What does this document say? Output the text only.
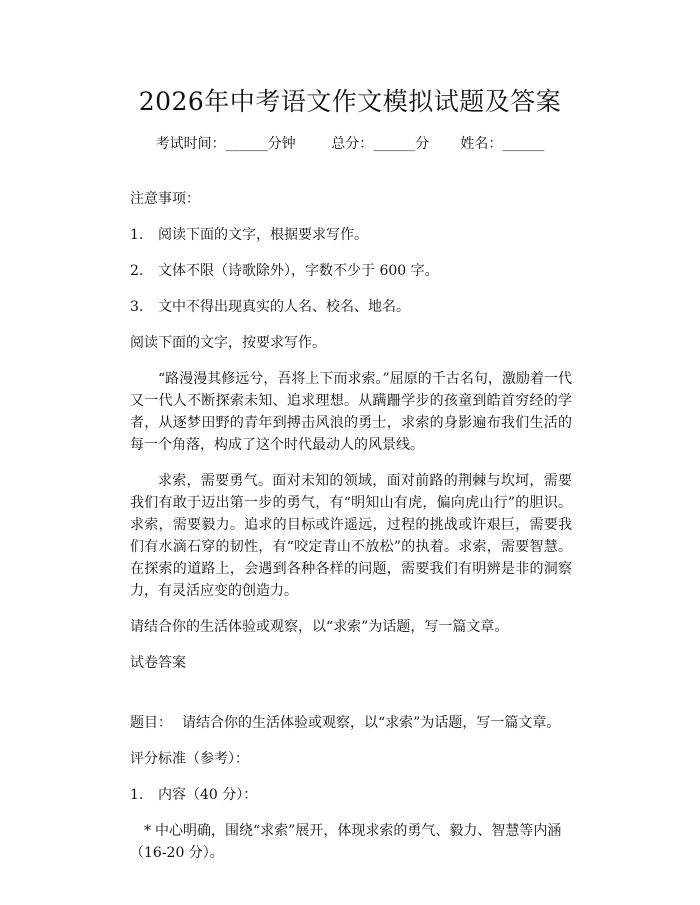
2026年中考语文作文模拟试题及答案
考试时间：______分钟	总分：______分 姓名：______

注意事项：

1. 阅读下面的文字，根据要求写作。

2. 文体不限（诗歌除外），字数不少于 600 字。

3. 文中不得出现真实的人名、校名、地名。

阅读下面的文字，按要求写作。

“路漫漫其修远兮，吾将上下而求索。”屈原的千古名句，激励着一代又一代人不断探索未知、追求理想。从蹒跚学步的孩童到皓首穷经的学者，从逐梦田野的青年到搏击风浪的勇士，求索的身影遍布我们生活的每一个角落，构成了这个时代最动人的风景线。

求索，需要勇气。面对未知的领域，面对前路的荆棘与坎坷，需要我们有敢于迈出第一步的勇气，有“明知山有虎，偏向虎山行”的胆识。求索，需要毅力。追求的目标或许遥远，过程的挑战或许艰巨，需要我们有水滴石穿的韧性，有“咬定青山不放松”的执着。求索，需要智慧。在探索的道路上，会遇到各种各样的问题，需要我们有明辨是非的洞察力，有灵活应变的创造力。

请结合你的生活体验或观察，以“求索”为话题，写一篇文章。

试卷答案

题目： 请结合你的生活体验或观察，以“求索”为话题，写一篇文章。

评分标准（参考）：

1. 内容（40 分）：

* 中心明确，围绕“求索”展开，体现求索的勇气、毅力、智慧等内涵（16-20 分）。
